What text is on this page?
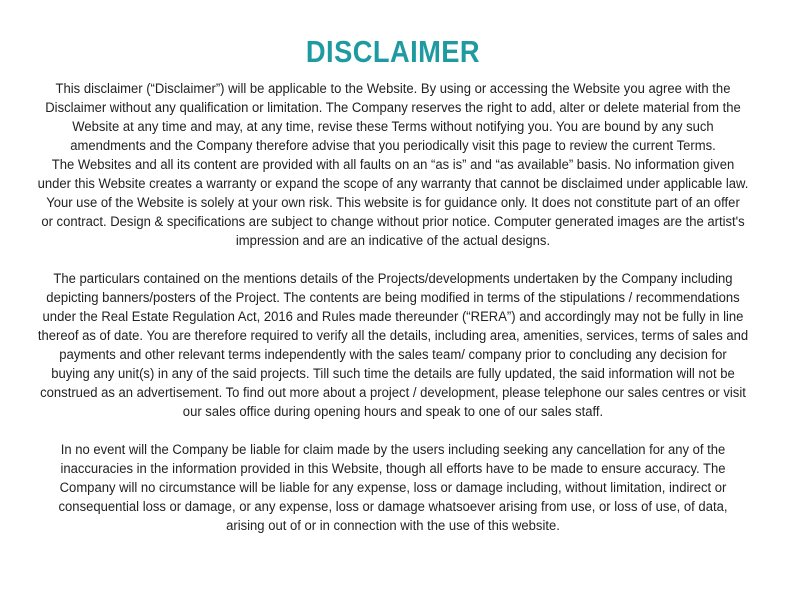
DISCLAIMER

This disclaimer (“Disclaimer”) will be applicable to the Website. By using or accessing the Website you agree with the
Disclaimer without any qualification or limitation. The Company reserves the right to add, alter or delete material from the
Website at any time and may, at any time, revise these Terms without notifying you. You are bound by any such
amendments and the Company therefore advise that you periodically visit this page to review the current Terms.
The Websites and all its content are provided with all faults on an “as is” and “as available” basis. No information given
under this Website creates a warranty or expand the scope of any warranty that cannot be disclaimed under applicable law.
Your use of the Website is solely at your own risk. This website is for guidance only. It does not constitute part of an offer
or contract. Design & specifications are subject to change without prior notice. Computer generated images are the artist's
impression and are an indicative of the actual designs.

The particulars contained on the mentions details of the Projects/developments undertaken by the Company including
depicting banners/posters of the Project. The contents are being modified in terms of the stipulations / recommendations
under the Real Estate Regulation Act, 2016 and Rules made thereunder (“RERA”) and accordingly may not be fully in line
thereof as of date. You are therefore required to verify all the details, including area, amenities, services, terms of sales and
payments and other relevant terms independently with the sales team/ company prior to concluding any decision for
buying any unit(s) in any of the said projects. Till such time the details are fully updated, the said information will not be
construed as an advertisement. To find out more about a project / development, please telephone our sales centres or visit
our sales office during opening hours and speak to one of our sales staff.

In no event will the Company be liable for claim made by the users including seeking any cancellation for any of the
inaccuracies in the information provided in this Website, though all efforts have to be made to ensure accuracy. The
Company will no circumstance will be liable for any expense, loss or damage including, without limitation, indirect or
consequential loss or damage, or any expense, loss or damage whatsoever arising from use, or loss of use, of data,
arising out of or in connection with the use of this website.
